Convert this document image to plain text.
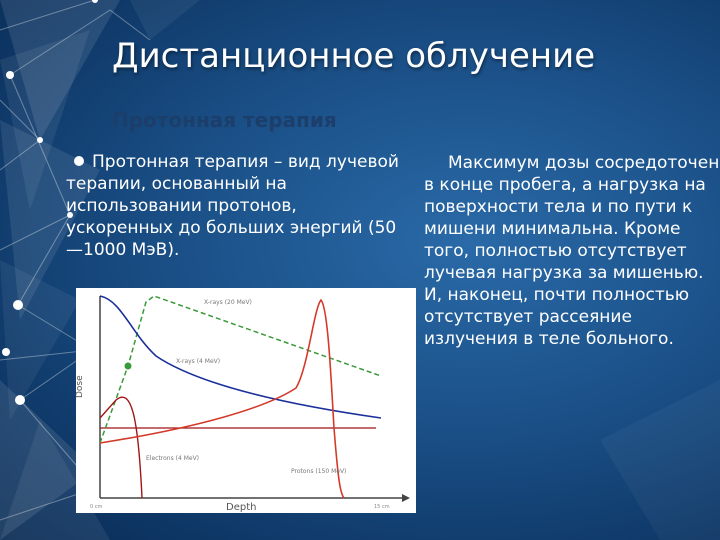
Дистанционное облучение
Протонная терапия
Протонная терапия – вид лучевой терапии, основанный на использовании протонов, ускоренных до больших энергий (50—1000 МэВ).
Максимум дозы сосредоточен в конце пробега, а нагрузка на поверхности тела и по пути к мишени минимальна. Кроме того, полностью отсутствует лучевая нагрузка за мишенью. И, наконец, почти полностью отсутствует рассеяние излучения в теле больного.
Dose
Depth
X-rays (20 MeV)
X-rays (4 MeV)
Electrons (4 MeV)
Protons (150 MeV)
0 cm	15 cm
